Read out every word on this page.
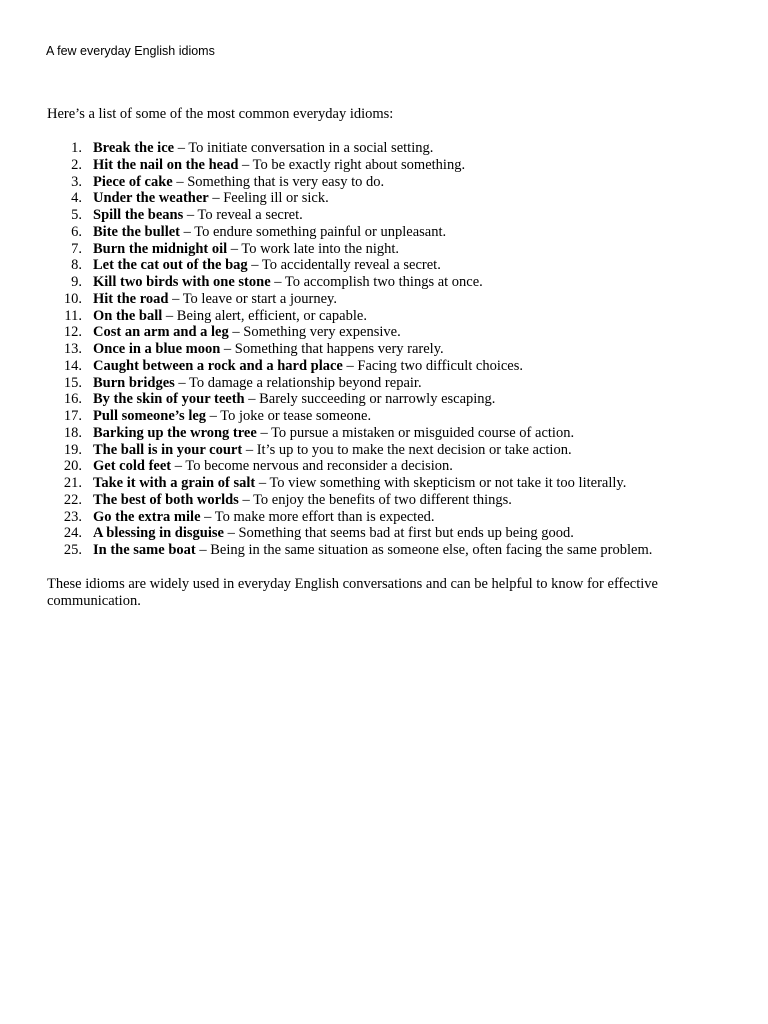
A few everyday English idioms
Here’s a list of some of the most common everyday idioms:
1. Break the ice – To initiate conversation in a social setting.
2. Hit the nail on the head – To be exactly right about something.
3. Piece of cake – Something that is very easy to do.
4. Under the weather – Feeling ill or sick.
5. Spill the beans – To reveal a secret.
6. Bite the bullet – To endure something painful or unpleasant.
7. Burn the midnight oil – To work late into the night.
8. Let the cat out of the bag – To accidentally reveal a secret.
9. Kill two birds with one stone – To accomplish two things at once.
10. Hit the road – To leave or start a journey.
11. On the ball – Being alert, efficient, or capable.
12. Cost an arm and a leg – Something very expensive.
13. Once in a blue moon – Something that happens very rarely.
14. Caught between a rock and a hard place – Facing two difficult choices.
15. Burn bridges – To damage a relationship beyond repair.
16. By the skin of your teeth – Barely succeeding or narrowly escaping.
17. Pull someone’s leg – To joke or tease someone.
18. Barking up the wrong tree – To pursue a mistaken or misguided course of action.
19. The ball is in your court – It’s up to you to make the next decision or take action.
20. Get cold feet – To become nervous and reconsider a decision.
21. Take it with a grain of salt – To view something with skepticism or not take it too literally.
22. The best of both worlds – To enjoy the benefits of two different things.
23. Go the extra mile – To make more effort than is expected.
24. A blessing in disguise – Something that seems bad at first but ends up being good.
25. In the same boat – Being in the same situation as someone else, often facing the same problem.
These idioms are widely used in everyday English conversations and can be helpful to know for effective communication.
